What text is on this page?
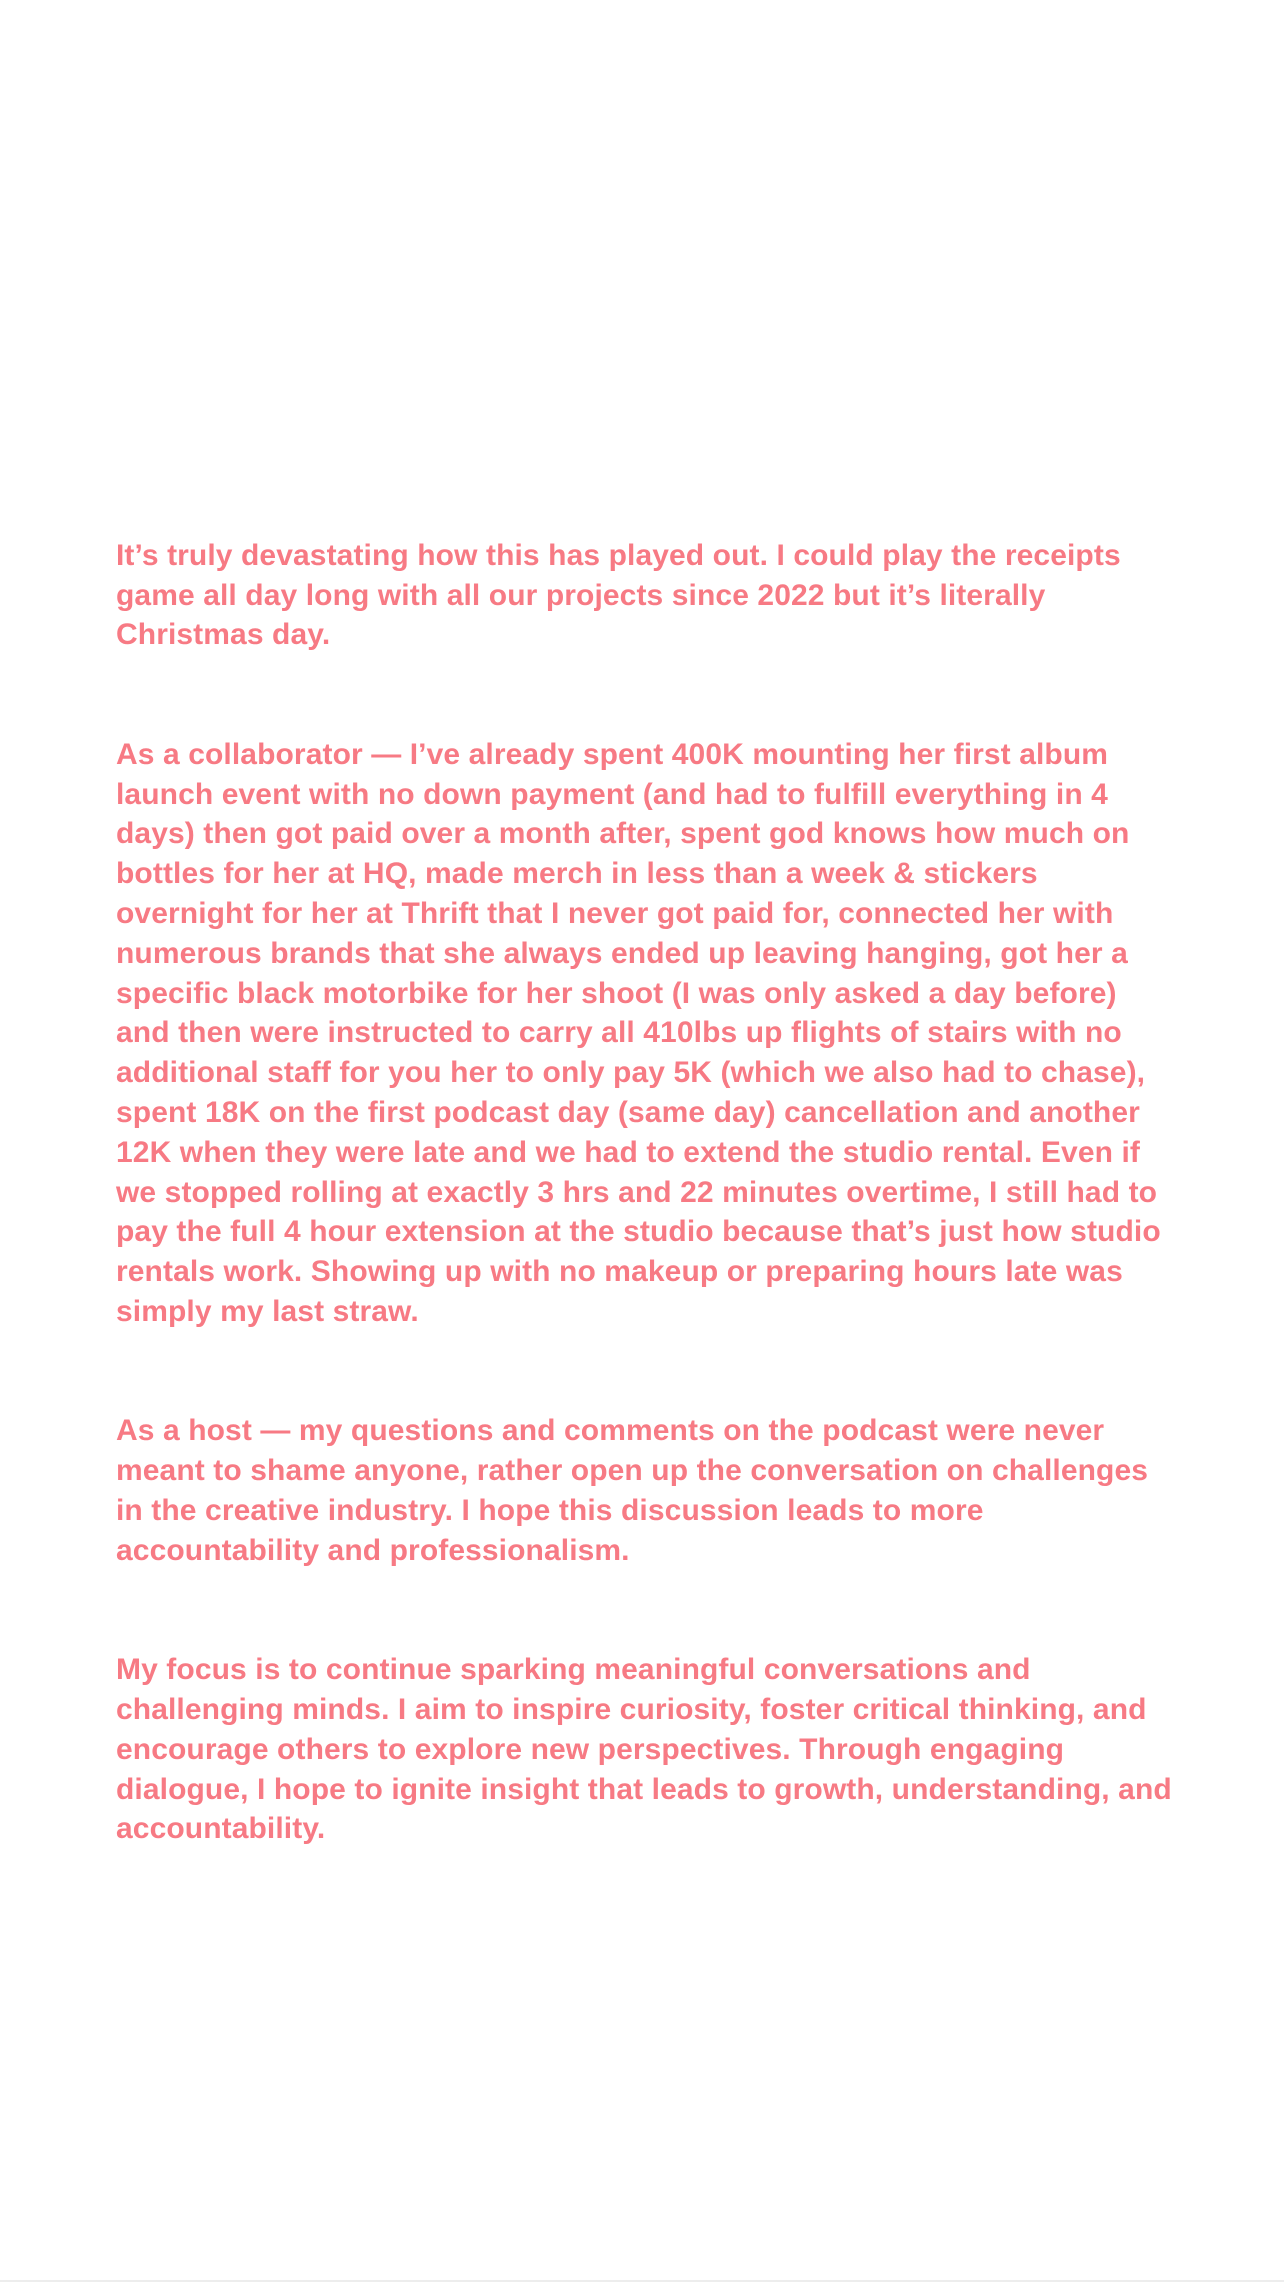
It’s truly devastating how this has played out. I could play the receipts game all day long with all our projects since 2022 but it’s literally Christmas day.

As a collaborator — I’ve already spent 400K mounting her first album launch event with no down payment (and had to fulfill everything in 4 days) then got paid over a month after, spent god knows how much on bottles for her at HQ, made merch in less than a week & stickers overnight for her at Thrift that I never got paid for, connected her with numerous brands that she always ended up leaving hanging, got her a specific black motorbike for her shoot (I was only asked a day before) and then were instructed to carry all 410lbs up flights of stairs with no additional staff for you her to only pay 5K (which we also had to chase), spent 18K on the first podcast day (same day) cancellation and another 12K when they were late and we had to extend the studio rental. Even if we stopped rolling at exactly 3 hrs and 22 minutes overtime, I still had to pay the full 4 hour extension at the studio because that’s just how studio rentals work. Showing up with no makeup or preparing hours late was simply my last straw.

As a host — my questions and comments on the podcast were never meant to shame anyone, rather open up the conversation on challenges in the creative industry. I hope this discussion leads to more accountability and professionalism.

My focus is to continue sparking meaningful conversations and challenging minds. I aim to inspire curiosity, foster critical thinking, and encourage others to explore new perspectives. Through engaging dialogue, I hope to ignite insight that leads to growth, understanding, and accountability.
